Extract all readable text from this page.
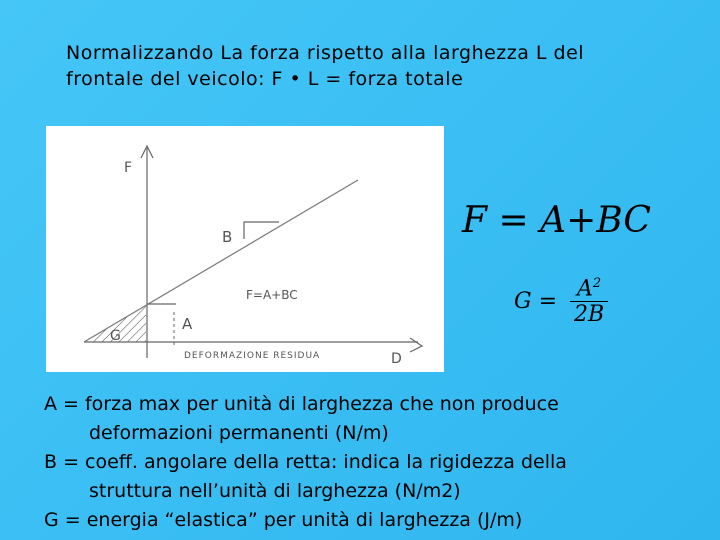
Normalizzando La forza rispetto alla larghezza L del
frontale del veicolo: F • L = forza totale
F
B
F=A+BC
A
G
DEFORMAZIONE RESIDUA	D
F = A+BC
$G = \frac{A^2}{2B}$
A = forza max per unità di larghezza che non produce
deformazioni permanenti (N/m)
B = coeff. angolare della retta: indica la rigidezza della
struttura nell’unità di larghezza (N/m2)
G = energia “elastica” per unità di larghezza (J/m)
